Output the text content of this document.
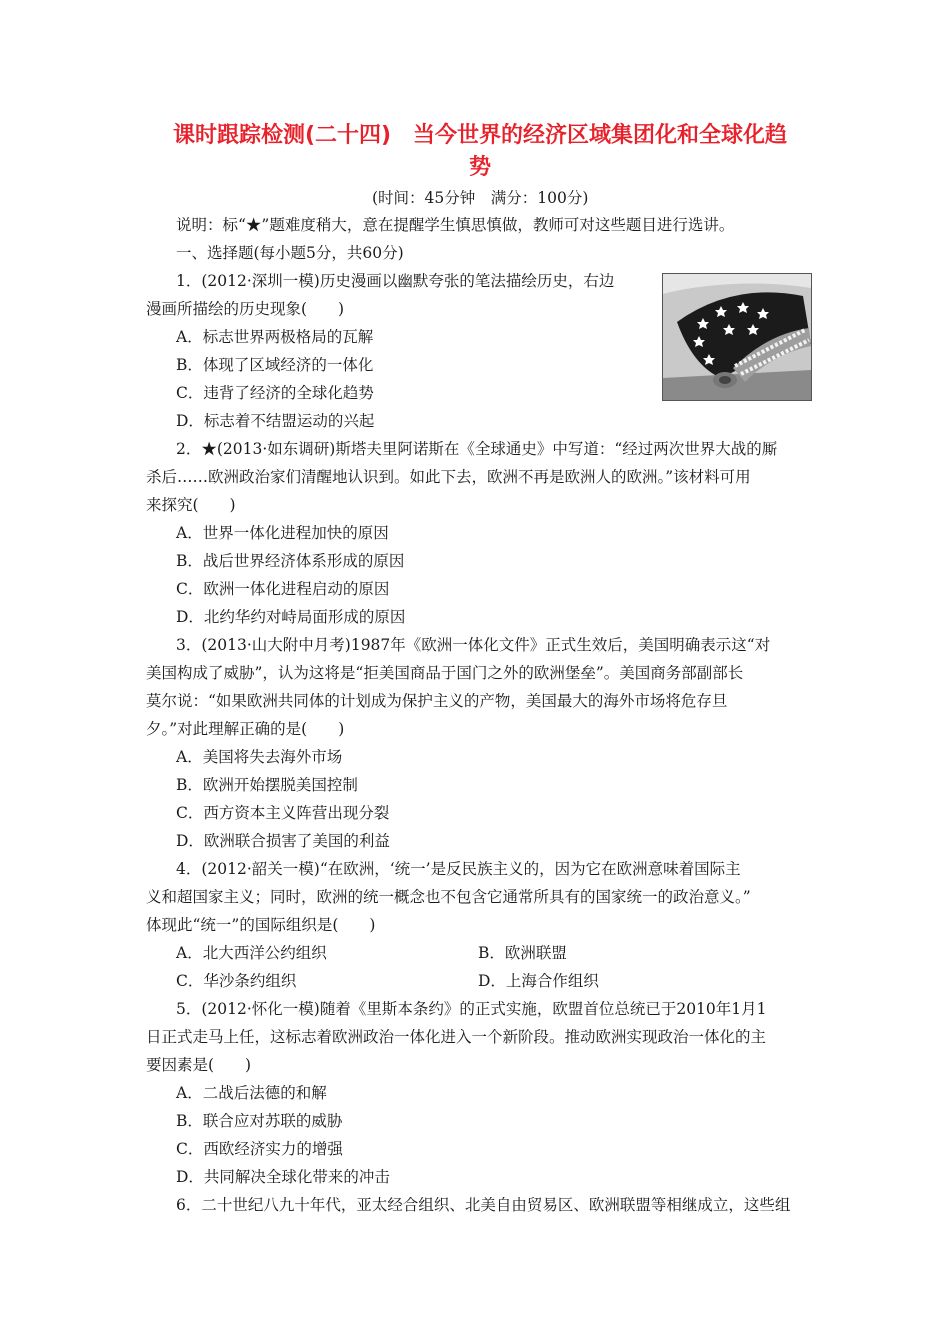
课时跟踪检测(二十四)　当今世界的经济区域集团化和全球化趋
势
(时间：45分钟　满分：100分)
说明：标“★”题难度稍大，意在提醒学生慎思慎做，教师可对这些题目进行选讲。
一、选择题(每小题5分，共60分)
1．(2012·深圳一模)历史漫画以幽默夸张的笔法描绘历史，右边
漫画所描绘的历史现象(　　)
A．标志世界两极格局的瓦解
B．体现了区域经济的一体化
C．违背了经济的全球化趋势
D．标志着不结盟运动的兴起
2．★(2013·如东调研)斯塔夫里阿诺斯在《全球通史》中写道：“经过两次世界大战的厮
杀后……欧洲政治家们清醒地认识到。如此下去，欧洲不再是欧洲人的欧洲。”该材料可用
来探究(　　)
A．世界一体化进程加快的原因
B．战后世界经济体系形成的原因
C．欧洲一体化进程启动的原因
D．北约华约对峙局面形成的原因
3．(2013·山大附中月考)1987年《欧洲一体化文件》正式生效后，美国明确表示这“对
美国构成了威胁”，认为这将是“拒美国商品于国门之外的欧洲堡垒”。美国商务部副部长
莫尔说：“如果欧洲共同体的计划成为保护主义的产物，美国最大的海外市场将危存旦
夕。”对此理解正确的是(　　)
A．美国将失去海外市场
B．欧洲开始摆脱美国控制
C．西方资本主义阵营出现分裂
D．欧洲联合损害了美国的利益
4．(2012·韶关一模)“在欧洲，‘统一’是反民族主义的，因为它在欧洲意味着国际主
义和超国家主义；同时，欧洲的统一概念也不包含它通常所具有的国家统一的政治意义。”
体现此“统一”的国际组织是(　　)
A．北大西洋公约组织	B．欧洲联盟
C．华沙条约组织	D．上海合作组织
5．(2012·怀化一模)随着《里斯本条约》的正式实施，欧盟首位总统已于2010年1月1
日正式走马上任，这标志着欧洲政治一体化进入一个新阶段。推动欧洲实现政治一体化的主
要因素是(　　)
A．二战后法德的和解
B．联合应对苏联的威胁
C．西欧经济实力的增强
D．共同解决全球化带来的冲击
6．二十世纪八九十年代，亚太经合组织、北美自由贸易区、欧洲联盟等相继成立，这些组
